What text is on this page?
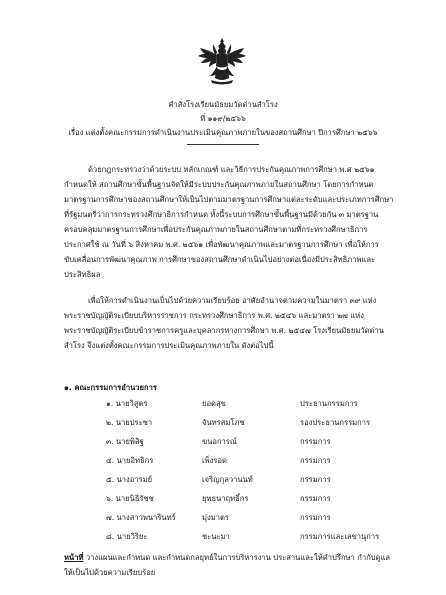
คำสั่งโรงเรียนมัธยมวัดด่านสำโรง
ที่ ๑๑๙/๒๕๖๖
เรื่อง แต่งตั้งคณะกรรมการดำเนินงานประเมินคุณภาพภายในของสถานศึกษา ปีการศึกษา ๒๕๖๖
ด้วยกฎกระทรวงว่าด้วยระบบ หลักเกณฑ์ และวิธีการประกันคุณภาพการศึกษา พ.ศ ๒๕๖๑
กำหนดให้ สถานศึกษาขั้นพื้นฐานจัดให้มีระบบประกันคุณภาพภายในสถานศึกษา โดยการกำหนด
มาตรฐานการศึกษาของสถานศึกษาให้เป็นไปตามมาตรฐานการศึกษาแต่ละระดับและประเภทการศึกษา
ที่รัฐมนตรีว่าการกระทรวงศึกษาธิการกำหนด ทั้งนี้ระบบการศึกษาขั้นพื้นฐานมีด้วยกัน ๓ มาตรฐาน
ครอบคลุมมาตรฐานการศึกษาเพื่อประกันคุณภาพภายในสถานศึกษาตามที่กระทรวงศึกษาธิการ
ประกาศใช้ ณ วันที่ ๖ สิงหาคม พ.ศ. ๒๕๖๑ เพื่อพัฒนาคุณภาพและมาตรฐานการศึกษา เพื่อให้การ
ขับเคลื่อนการพัฒนาคุณภาพ การศึกษาของสถานศึกษาดำเนินไปอย่างต่อเนื่องมีประสิทธิภาพและ
ประสิทธิผล
เพื่อให้การดำเนินงานเป็นไปด้วยความเรียบร้อย อาศัยอำนาจตามความในมาตรา ๓๙ แห่ง
พระราชบัญญัติระเบียบบริหารราชการ กระทรวงศึกษาธิการ พ.ศ. ๒๕๔๖ และมาตรา ๒๗ แห่ง
พระราชบัญญัติระเบียบข้าราชการครูและบุคลากรทางการศึกษา พ.ศ. ๒๕๔๗ โรงเรียนมัธยมวัดด่าน
สำโรง จึงแต่งตั้งคณะกรรมการประเมินคุณภาพภายใน ดังต่อไปนี้
๑. คณะกรรมการอำนวยการ
๑. นายวิสูตร	ยอดสุข	ประธานกรรมการ
๒. นายประชา	จันทรสมโภช	รองประธานกรรมการ
๓. นายพิสิฐ	ขนอการณ์	กรรมการ
๔. นายอิทธิกร	เพ็งรอด	กรรมการ
๕. นางอารมย์	เจริญกุลวานนท์	กรรมการ
๖. นายนิธิรัชช	ยุทธนาฤทธิ์กร	กรรมการ
๗. นางสาวพนารินทร์	มุ่งมาตร	กรรมการ
๘. นายวิริยะ	ชะนะมา	กรรมการและเลขานุการ
หน้าที่ วางแผนและกำหนด และกำหนดกลยุทธ์ในการบริหารงาน ประสานและให้คำปรึกษา กำกับดูแล
ให้เป็นไปด้วยความเรียบร้อย
